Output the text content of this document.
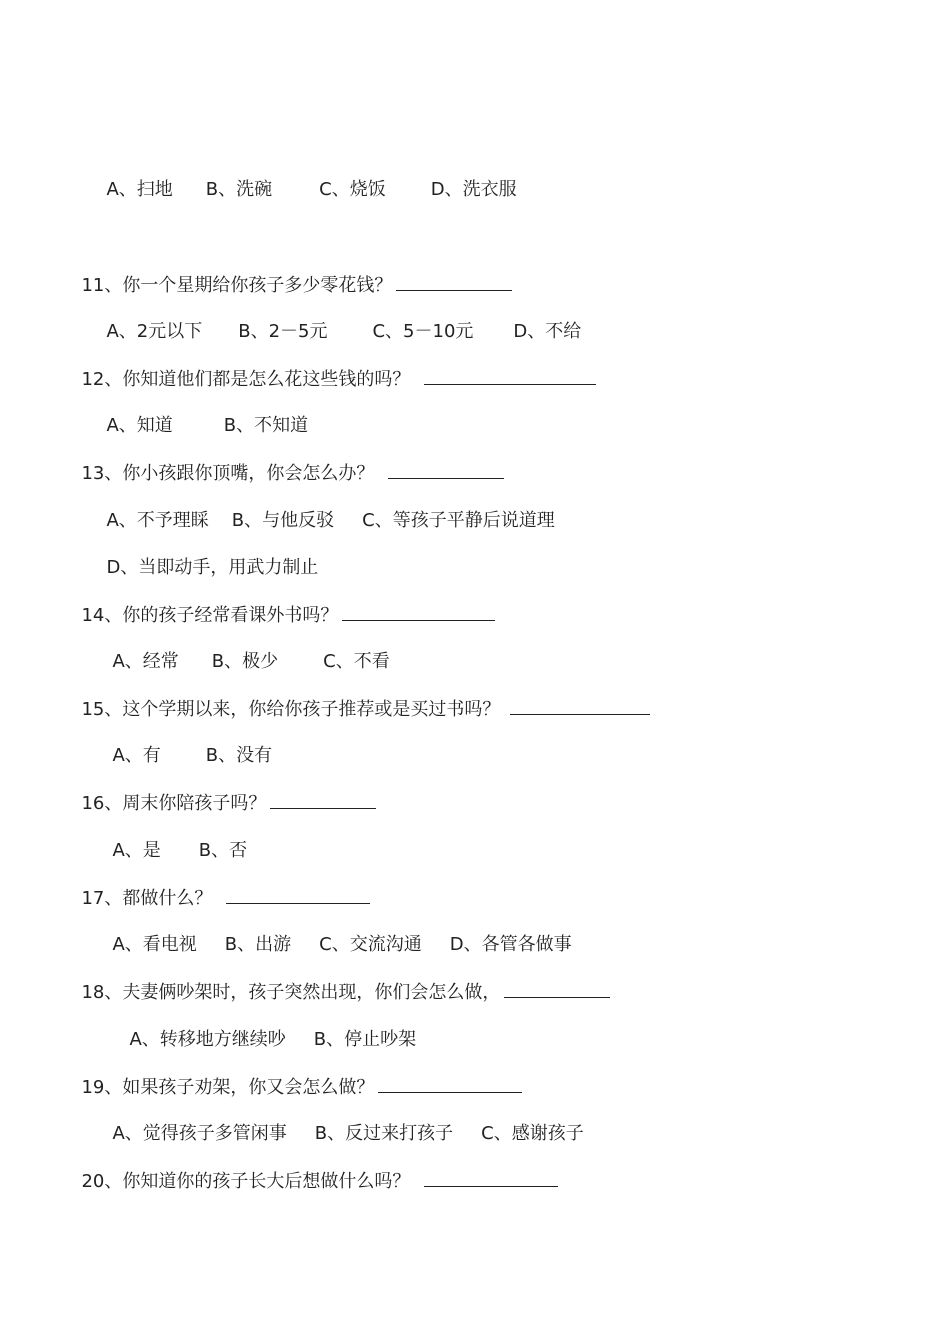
A、扫地 B、洗碗	C、烧饭	D、洗衣服

11、你一个星期给你孩子多少零花钱？

A、2元以下 B、2－5元	C、5－10元 D、不给

12、你知道他们都是怎么花这些钱的吗？

A、知道	B、不知道

13、你小孩跟你顶嘴，你会怎么办？

A、不予理睬 B、与他反驳 C、等孩子平静后说道理

D、当即动手，用武力制止

14、你的孩子经常看课外书吗？

A、经常 B、极少	C、不看

15、这个学期以来，你给你孩子推荐或是买过书吗？

A、有	B、没有

16、周末你陪孩子吗？

A、是 B、否

17、都做什么？

A、看电视 B、出游 C、交流沟通 D、各管各做事

18、夫妻俩吵架时，孩子突然出现，你们会怎么做，

A、转移地方继续吵 B、停止吵架

19、如果孩子劝架，你又会怎么做？

A、觉得孩子多管闲事 B、反过来打孩子 C、感谢孩子

20、你知道你的孩子长大后想做什么吗？
